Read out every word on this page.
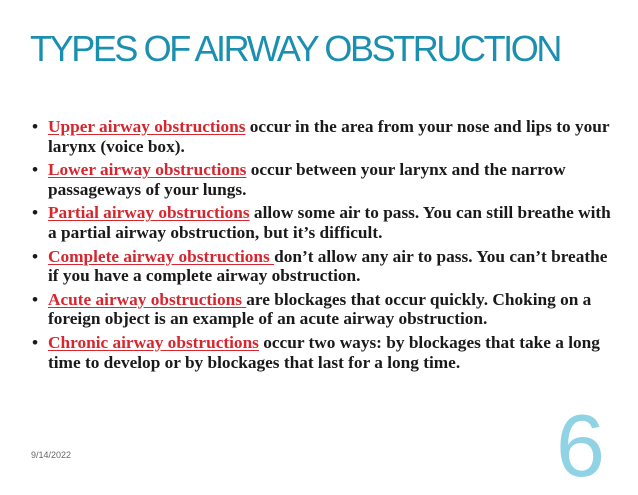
TYPES OF AIRWAY OBSTRUCTION
• Upper airway obstructions occur in the area from your nose and lips to your larynx (voice box).
• Lower airway obstructions occur between your larynx and the narrow passageways of your lungs.
• Partial airway obstructions allow some air to pass. You can still breathe with a partial airway obstruction, but it’s difficult.
• Complete airway obstructions don’t allow any air to pass. You can’t breathe if you have a complete airway obstruction.
• Acute airway obstructions are blockages that occur quickly. Choking on a foreign object is an example of an acute airway obstruction.
• Chronic airway obstructions occur two ways: by blockages that take a long time to develop or by blockages that last for a long time.
9/14/2022	6
